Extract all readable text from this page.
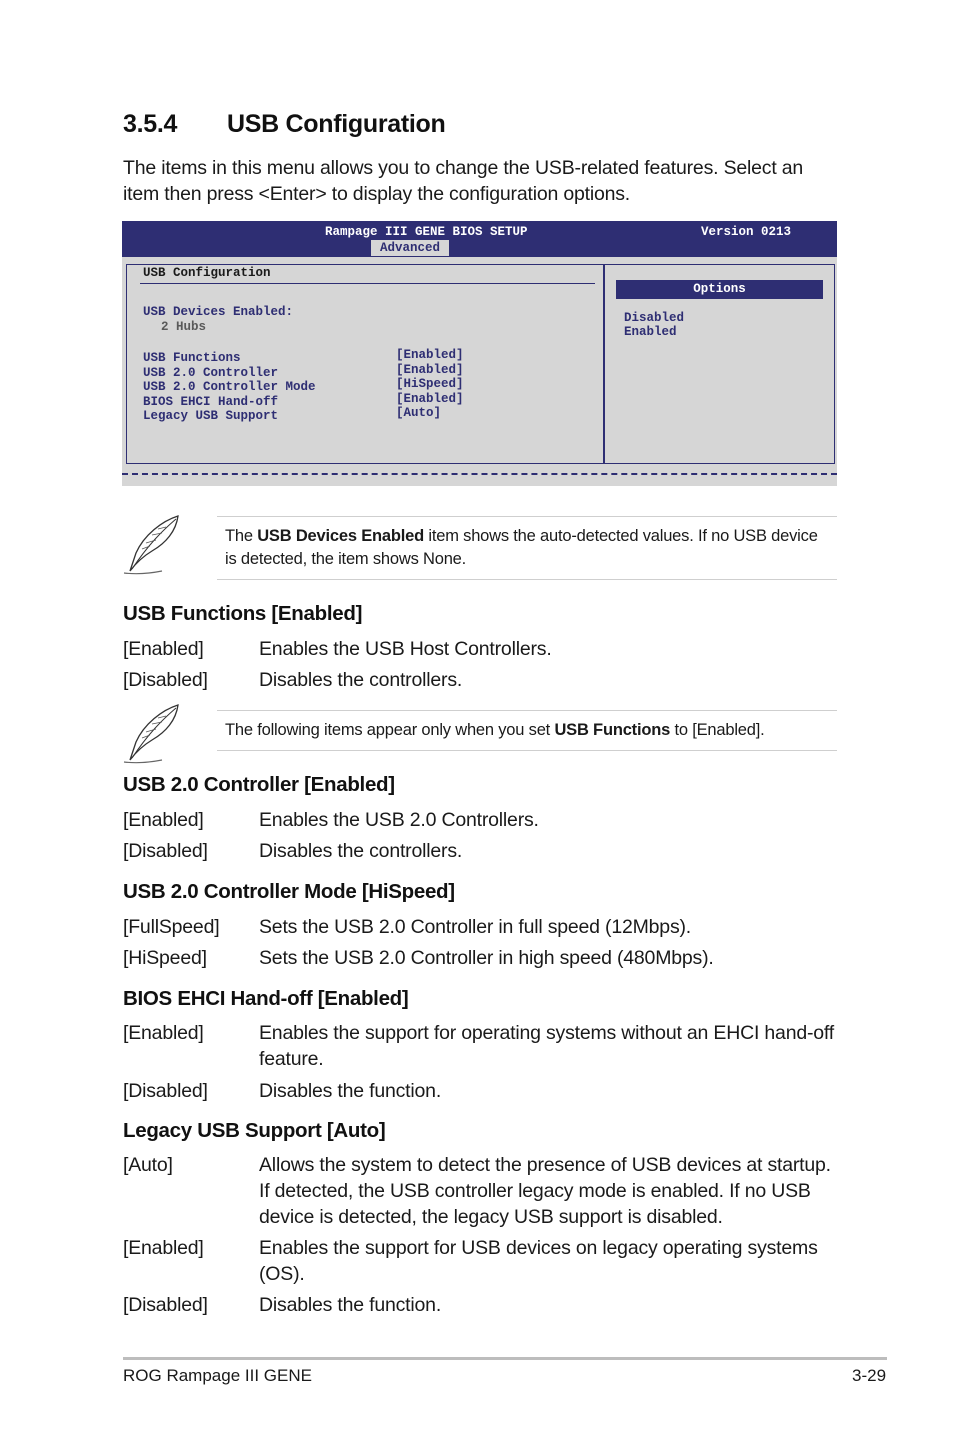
3.5.4 USB Configuration
The items in this menu allows you to change the USB-related features. Select an item then press <Enter> to display the configuration options.
Rampage III GENE BIOS SETUP	Version 0213
Advanced
USB Configuration
USB Devices Enabled:
2 Hubs
USB Functions	[Enabled]
USB 2.0 Controller	[Enabled]
USB 2.0 Controller Mode	[HiSpeed]
BIOS EHCI Hand-off	[Enabled]
Legacy USB Support	[Auto]
Options
Disabled
Enabled
The USB Devices Enabled item shows the auto-detected values. If no USB device is detected, the item shows None.
USB Functions [Enabled]
[Enabled]	Enables the USB Host Controllers.
[Disabled]	Disables the controllers.
The following items appear only when you set USB Functions to [Enabled].
USB 2.0 Controller [Enabled]
[Enabled]	Enables the USB 2.0 Controllers.
[Disabled]	Disables the controllers.
USB 2.0 Controller Mode [HiSpeed]
[FullSpeed] Sets the USB 2.0 Controller in full speed (12Mbps).
[HiSpeed]	Sets the USB 2.0 Controller in high speed (480Mbps).
BIOS EHCI Hand-off [Enabled]
[Enabled]	Enables the support for operating systems without an EHCI hand-off feature.
[Disabled]	Disables the function.
Legacy USB Support [Auto]
[Auto]	Allows the system to detect the presence of USB devices at startup. If detected, the USB controller legacy mode is enabled. If no USB device is detected, the legacy USB support is disabled.
[Enabled]	Enables the support for USB devices on legacy operating systems (OS).
[Disabled]	Disables the function.
ROG Rampage III GENE	3-29
